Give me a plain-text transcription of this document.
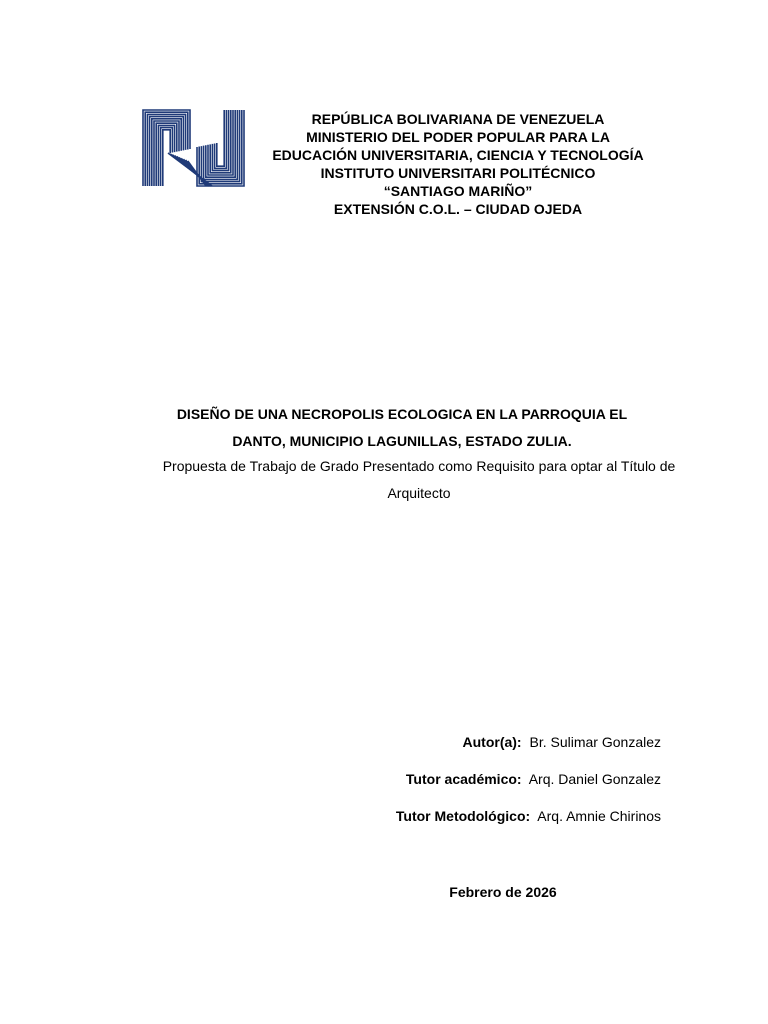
REPÚBLICA BOLIVARIANA DE VENEZUELA
MINISTERIO DEL PODER POPULAR PARA LA
EDUCACIÓN UNIVERSITARIA, CIENCIA Y TECNOLOGÍA
INSTITUTO UNIVERSITARI POLITÉCNICO
“SANTIAGO MARIÑO”
EXTENSIÓN C.O.L. – CIUDAD OJEDA
DISEÑO DE UNA NECROPOLIS ECOLOGICA EN LA PARROQUIA EL
DANTO, MUNICIPIO LAGUNILLAS, ESTADO ZULIA.
Propuesta de Trabajo de Grado Presentado como Requisito para optar al Título de
Arquitecto
Autor(a): Br. Sulimar Gonzalez
Tutor académico: Arq. Daniel Gonzalez
Tutor Metodológico: Arq. Amnie Chirinos
Febrero de 2026
